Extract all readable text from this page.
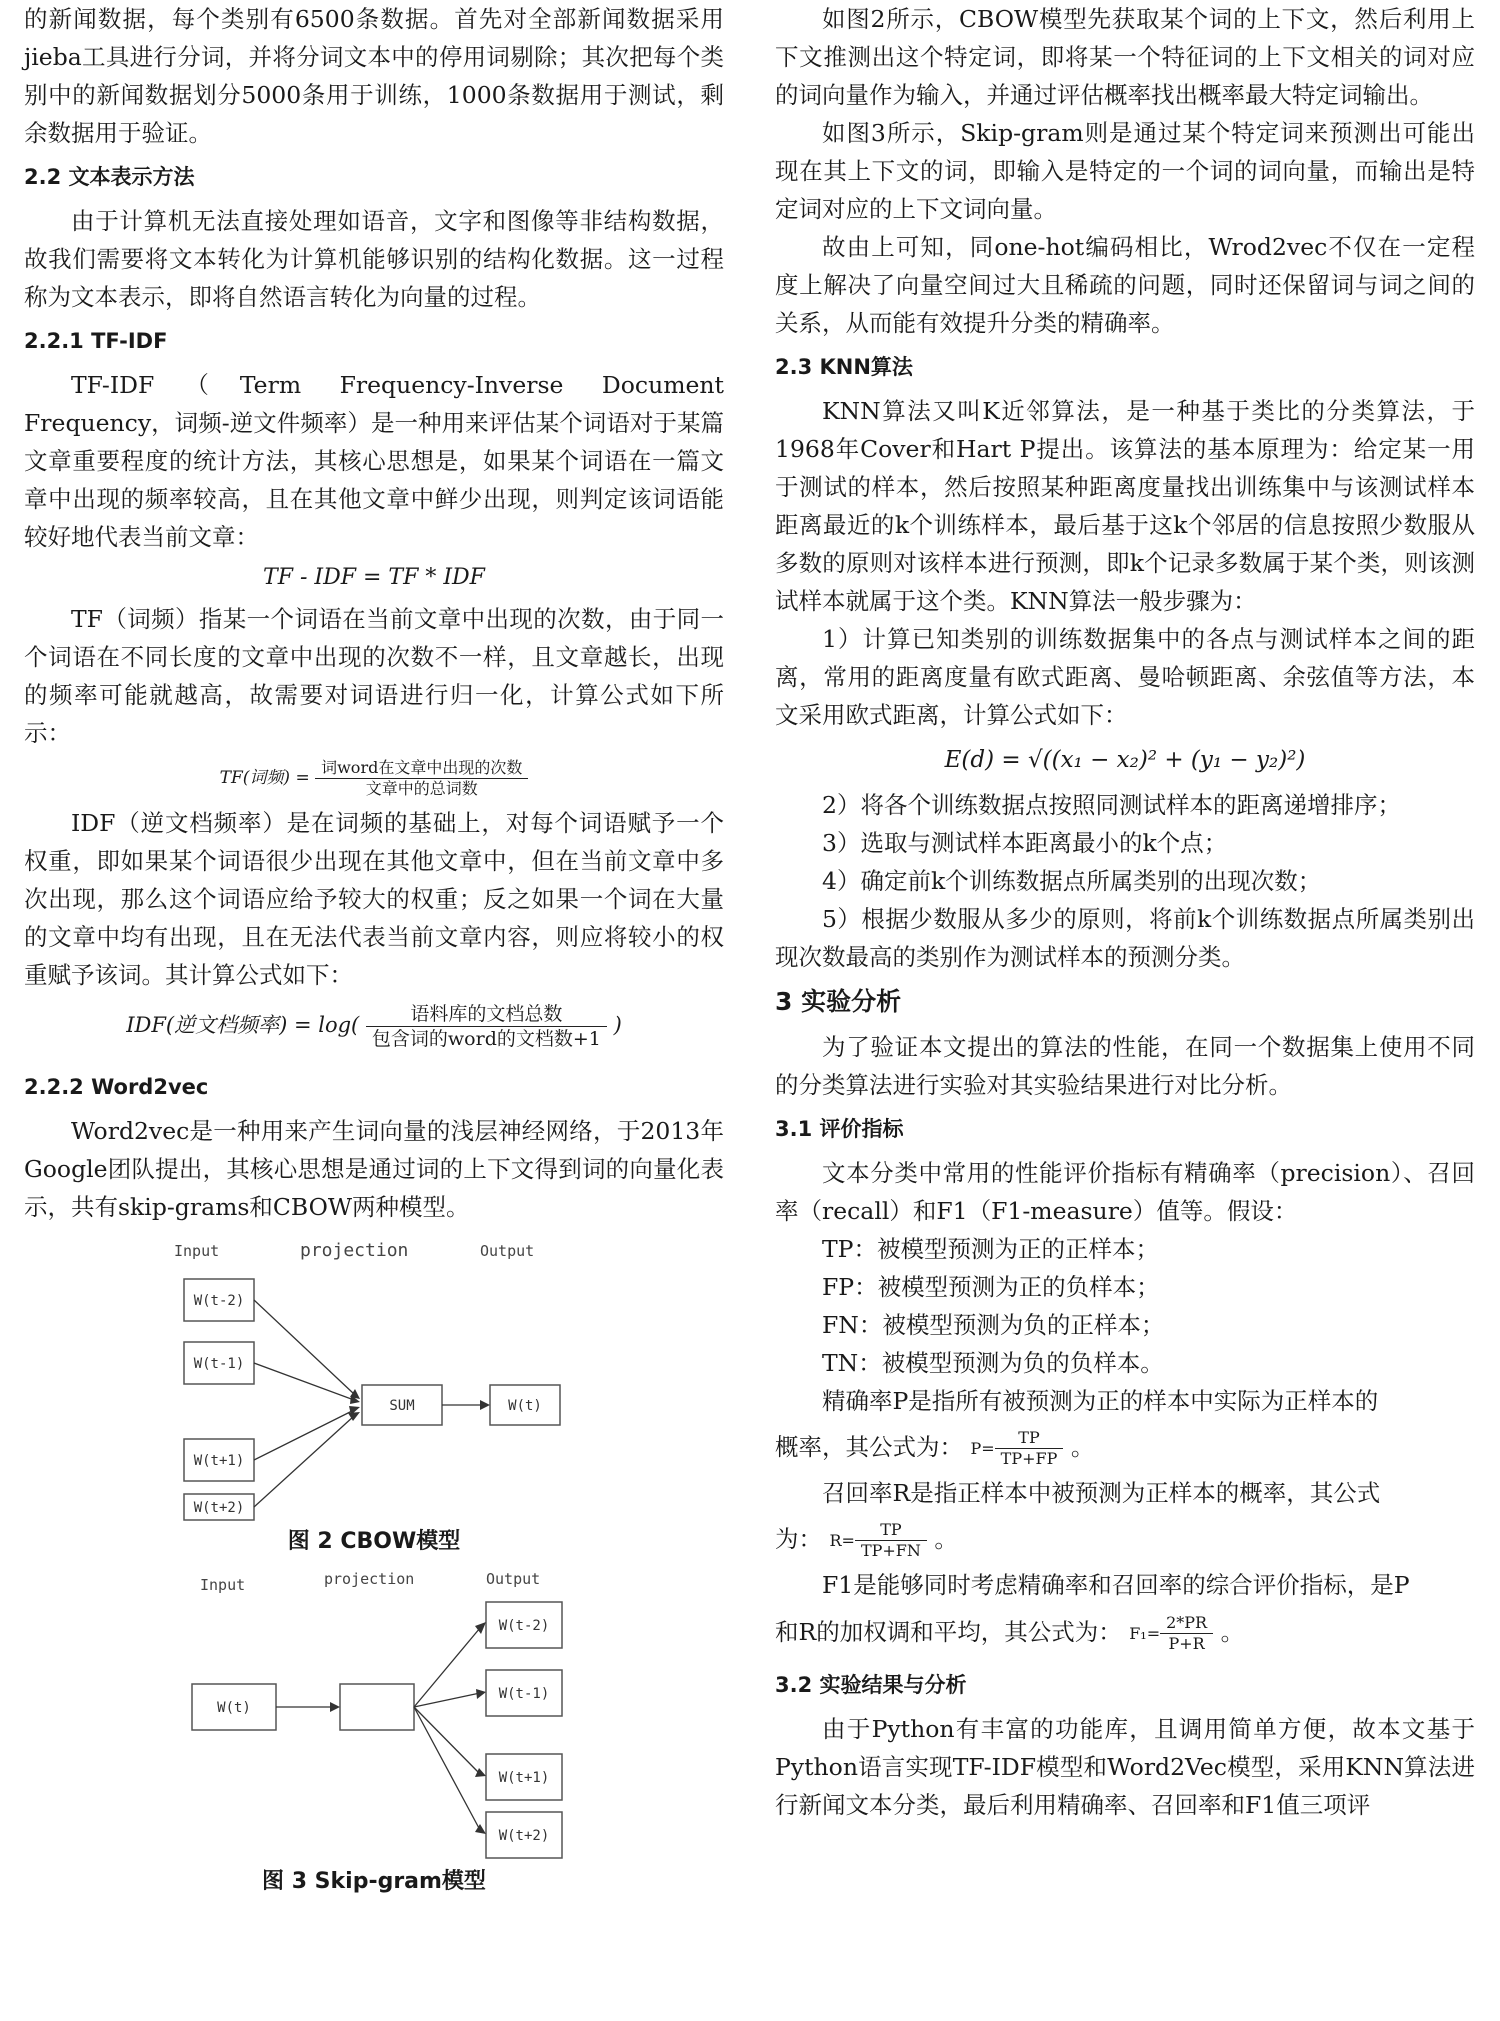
的新闻数据，每个类别有6500条数据。首先对全部新闻数据采用jieba工具进行分词，并将分词文本中的停用词剔除；其次把每个类别中的新闻数据划分5000条用于训练，1000条数据用于测试，剩余数据用于验证。

2.2 文本表示方法

由于计算机无法直接处理如语音，文字和图像等非结构数据，故我们需要将文本转化为计算机能够识别的结构化数据。这一过程称为文本表示，即将自然语言转化为向量的过程。

2.2.1 TF-IDF

TF-IDF（Term Frequency-Inverse Document Frequency，词频-逆文件频率）是一种用来评估某个词语对于某篇文章重要程度的统计方法，其核心思想是，如果某个词语在一篇文章中出现的频率较高，且在其他文章中鲜少出现，则判定该词语能较好地代表当前文章：

TF - IDF = TF * IDF

TF（词频）指某一个词语在当前文章中出现的次数，由于同一个词语在不同长度的文章中出现的次数不一样，且文章越长，出现的频率可能就越高，故需要对词语进行归一化，计算公式如下所示：

TF(词频) = $\frac{\text{词word在文章中出现的次数}}{\text{文章中的总词数}}$

IDF（逆文档频率）是在词频的基础上，对每个词语赋予一个权重，即如果某个词语很少出现在其他文章中，但在当前文章中多次出现，那么这个词语应给予较大的权重；反之如果一个词在大量的文章中均有出现，且在无法代表当前文章内容，则应将较小的权重赋予该词。其计算公式如下：

IDF(逆文档频率) = $\log( \frac{\text{语料库的文档总数}}{\text{包含词的word的文档数+1}}$ )
2.2.2 Word2vec

Word2vec是一种用来产生词向量的浅层神经网络，于2013年Google团队提出，其核心思想是通过词的上下文得到词的向量化表示，共有skip-grams和CBOW两种模型。

Input	projection	Output
W(t-2)
W(t-1)
W(t+1)
W(t+2)
SUM	W(t)
图 2 CBOW模型
Input	projection	Output
W(t)
W(t-2)
W(t-1)
W(t+1)
W(t+2)
图 3 Skip-gram模型

如图2所示，CBOW模型先获取某个词的上下文，然后利用上下文推测出这个特定词，即将某一个特征词的上下文相关的词对应的词向量作为输入，并通过评估概率找出概率最大特定词输出。

如图3所示，Skip-gram则是通过某个特定词来预测出可能出现在其上下文的词，即输入是特定的一个词的词向量，而输出是特定词对应的上下文词向量。

故由上可知，同one-hot编码相比，Wrod2vec不仅在一定程度上解决了向量空间过大且稀疏的问题，同时还保留词与词之间的关系，从而能有效提升分类的精确率。

2.3 KNN算法

KNN算法又叫K近邻算法，是一种基于类比的分类算法，于1968年Cover和Hart P提出。该算法的基本原理为：给定某一用于测试的样本，然后按照某种距离度量找出训练集中与该测试样本距离最近的k个训练样本，最后基于这k个邻居的信息按照少数服从多数的原则对该样本进行预测，即k个记录多数属于某个类，则该测试样本就属于这个类。KNN算法一般步骤为：

1）计算已知类别的训练数据集中的各点与测试样本之间的距离，常用的距离度量有欧式距离、曼哈顿距离、余弦值等方法，本文采用欧式距离，计算公式如下：

E(d) = √((x₁ − x₂)² + (y₁ − y₂)²)

2）将各个训练数据点按照同测试样本的距离递增排序；

3）选取与测试样本距离最小的k个点；

4）确定前k个训练数据点所属类别的出现次数；

5）根据少数服从多少的原则，将前k个训练数据点所属类别出现次数最高的类别作为测试样本的预测分类。

3 实验分析

为了验证本文提出的算法的性能，在同一个数据集上使用不同的分类算法进行实验对其实验结果进行对比分析。

3.1 评价指标

文本分类中常用的性能评价指标有精确率（precision）、召回率（recall）和F1（F1-measure）值等。假设：

TP：被模型预测为正的正样本；

FP：被模型预测为正的负样本；

FN：被模型预测为负的正样本；

TN：被模型预测为负的负样本。

精确率P是指所有被预测为正的样本中实际为正样本的

概率，其公式为： $P= \frac{TP}{TP+FP}$ 。

召回率R是指正样本中被预测为正样本的概率，其公式

为： $R= \frac{TP}{TP+FN}$ 。

F1是能够同时考虑精确率和召回率的综合评价指标，是P

和R的加权调和平均，其公式为： $F_1= \frac{2*PR}{P+R}$ 。

3.2 实验结果与分析

由于Python有丰富的功能库，且调用简单方便，故本文基于Python语言实现TF-IDF模型和Word2Vec模型，采用KNN算法进行新闻文本分类，最后利用精确率、召回率和F1值三项评
